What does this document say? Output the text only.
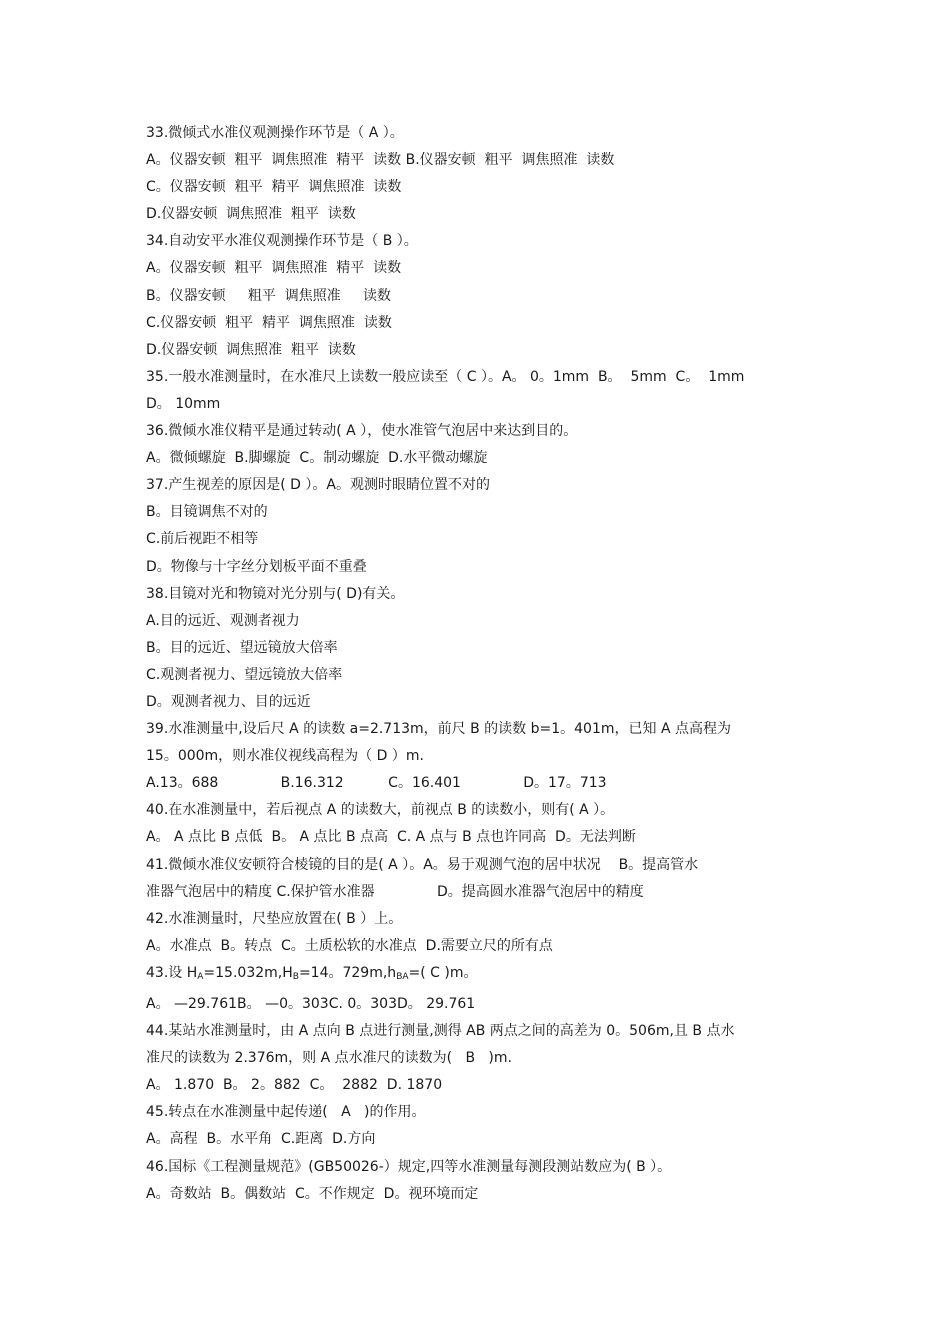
33.微倾式水准仪观测操作环节是（ A ）。
A。仪器安顿  粗平  调焦照准  精平  读数 B.仪器安顿  粗平  调焦照准  读数
C。仪器安顿  粗平  精平  调焦照准  读数
D.仪器安顿  调焦照准  粗平  读数
34.自动安平水准仪观测操作环节是（ B ）。
A。仪器安顿  粗平  调焦照准  精平  读数
B。仪器安顿     粗平  调焦照准     读数
C.仪器安顿  粗平  精平  调焦照准  读数
D.仪器安顿  调焦照准  粗平  读数
35.一般水准测量时，在水准尺上读数一般应读至（ C ）。A。 0。1mm  B。  5mm  C。  1mm
D。 10mm
36.微倾水准仪精平是通过转动( A ），使水准管气泡居中来达到目的。
A。微倾螺旋  B.脚螺旋  C。制动螺旋  D.水平微动螺旋
37.产生视差的原因是( D ）。A。观测时眼睛位置不对的
B。目镜调焦不对的
C.前后视距不相等
D。物像与十字丝分划板平面不重叠
38.目镜对光和物镜对光分别与( D)有关。
A.目的远近、观测者视力
B。目的远近、望远镜放大倍率
C.观测者视力、望远镜放大倍率
D。观测者视力、目的远近
39.水准测量中,设后尺 A 的读数 a=2.713m，前尺 B 的读数 b=1。401m，已知 A 点高程为
15。000m，则水准仪视线高程为（ D ）m.
A.13。688              B.16.312          C。16.401              D。17。713
40.在水准测量中，若后视点 A 的读数大，前视点 B 的读数小，则有( A ）。
A。 A 点比 B 点低  B。 A 点比 B 点高  C. A 点与 B 点也许同高  D。无法判断
41.微倾水准仪安顿符合棱镜的目的是( A ）。A。易于观测气泡的居中状况    B。提高管水
准器气泡居中的精度 C.保护管水准器              D。提高圆水准器气泡居中的精度
42.水准测量时，尺垫应放置在( B ）上。
A。水准点  B。转点  C。土质松软的水准点  D.需要立尺的所有点
43.设 $H_A=15.032m,H_B=14$。$729m,h_{BA}=$( C )m。
A。 —29.761B。 —0。303C. 0。303D。 29.761
44.某站水准测量时，由 A 点向 B 点进行测量,测得 AB 两点之间的高差为 0。506m,且 B 点水
准尺的读数为 2.376m，则 A 点水准尺的读数为(   B   )m.
A。 1.870  B。 2。882  C。  2882  D. 1870
45.转点在水准测量中起传递(   A   )的作用。
A。高程  B。水平角  C.距离  D.方向
46.国标《工程测量规范》(GB50026-）规定,四等水准测量每测段测站数应为( B ）。
A。奇数站  B。偶数站  C。不作规定  D。视环境而定
